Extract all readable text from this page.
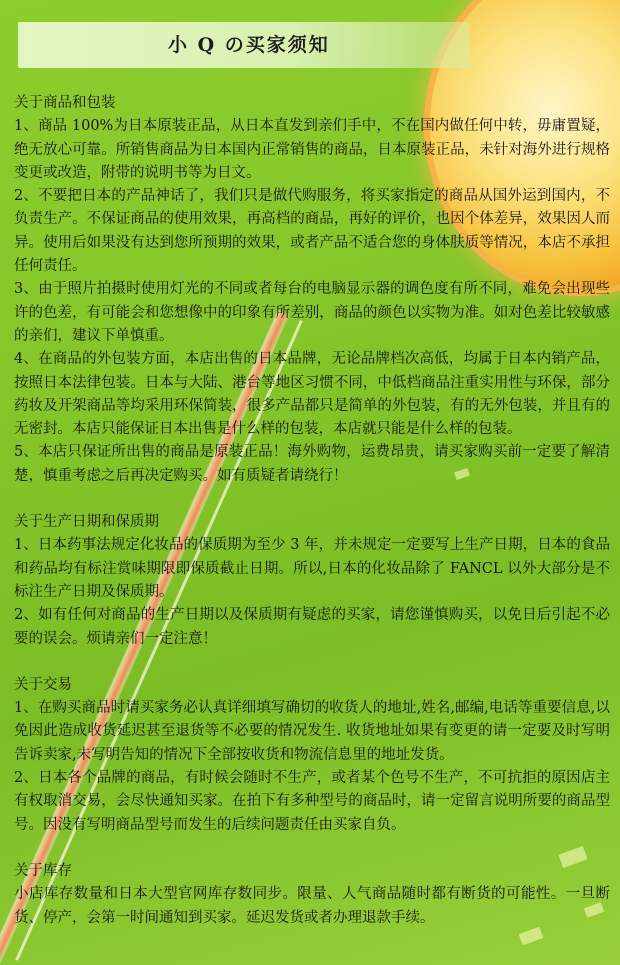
小 Q の买家须知
关于商品和包装

1、商品 100%为日本原装正品，从日本直发到亲们手中，不在国内做任何中转，毋庸置疑，绝无放心可靠。所销售商品为日本国内正常销售的商品，日本原装正品，未针对海外进行规格变更或改造，附带的说明书等为日文。

2、不要把日本的产品神话了，我们只是做代购服务，将买家指定的商品从国外运到国内，不负责生产。不保证商品的使用效果，再高档的商品，再好的评价，也因个体差异，效果因人而异。使用后如果没有达到您所预期的效果，或者产品不适合您的身体肤质等情况，本店不承担任何责任。

3、由于照片拍摄时使用灯光的不同或者每台的电脑显示器的调色度有所不同，难免会出现些许的色差，有可能会和您想像中的印象有所差别，商品的颜色以实物为准。如对色差比较敏感的亲们，建议下单慎重。

4、在商品的外包装方面，本店出售的日本品牌，无论品牌档次高低，均属于日本内销产品，按照日本法律包装。日本与大陆、港台等地区习惯不同，中低档商品注重实用性与环保，部分药妆及开架商品等均采用环保简装，很多产品都只是简单的外包装，有的无外包装，并且有的无密封。本店只能保证日本出售是什么样的包装，本店就只能是什么样的包装。

5、本店只保证所出售的商品是原装正品！海外购物，运费昂贵，请买家购买前一定要了解清楚，慎重考虑之后再决定购买。如有质疑者请绕行！

关于生产日期和保质期

1、日本药事法规定化妆品的保质期为至少 3 年，并未规定一定要写上生产日期，日本的食品和药品均有标注赏味期限即保质截止日期。所以,日本的化妆品除了 FANCL 以外大部分是不标注生产日期及保质期。

2、如有任何对商品的生产日期以及保质期有疑虑的买家，请您谨慎购买，以免日后引起不必要的误会。烦请亲们一定注意！

关于交易

1、在购买商品时请买家务必认真详细填写确切的收货人的地址,姓名,邮编,电话等重要信息,以免因此造成收货延迟甚至退货等不必要的情况发生. 收货地址如果有变更的请一定要及时写明告诉卖家,未写明告知的情况下全部按收货和物流信息里的地址发货。

2、日本各个品牌的商品，有时候会随时不生产，或者某个色号不生产，不可抗拒的原因店主有权取消交易，会尽快通知买家。在拍下有多种型号的商品时，请一定留言说明所要的商品型号。因没有写明商品型号而发生的后续问题责任由买家自负。

关于库存

小店库存数量和日本大型官网库存数同步。限量、人气商品随时都有断货的可能性。一旦断货、停产，会第一时间通知到买家。延迟发货或者办理退款手续。
